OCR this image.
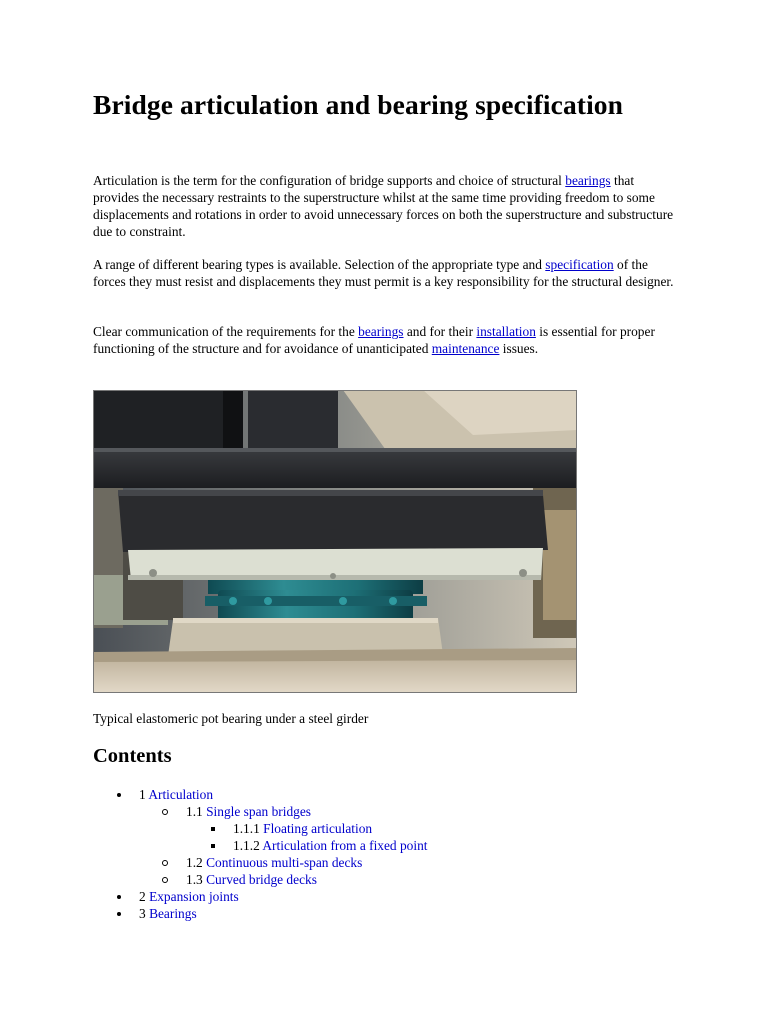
Bridge articulation and bearing specification

Articulation is the term for the configuration of bridge supports and choice of structural bearings that provides the necessary restraints to the superstructure whilst at the same time providing freedom to some displacements and rotations in order to avoid unnecessary forces on both the superstructure and substructure due to constraint.

A range of different bearing types is available. Selection of the appropriate type and specification of the forces they must resist and displacements they must permit is a key responsibility for the structural designer.

Clear communication of the requirements for the bearings and for their installation is essential for proper functioning of the structure and for avoidance of unanticipated maintenance issues.

Typical elastomeric pot bearing under a steel girder

Contents
1 Articulation
1.1 Single span bridges
1.1.1 Floating articulation
1.1.2 Articulation from a fixed point
1.2 Continuous multi-span decks
1.3 Curved bridge decks
2 Expansion joints
3 Bearings
